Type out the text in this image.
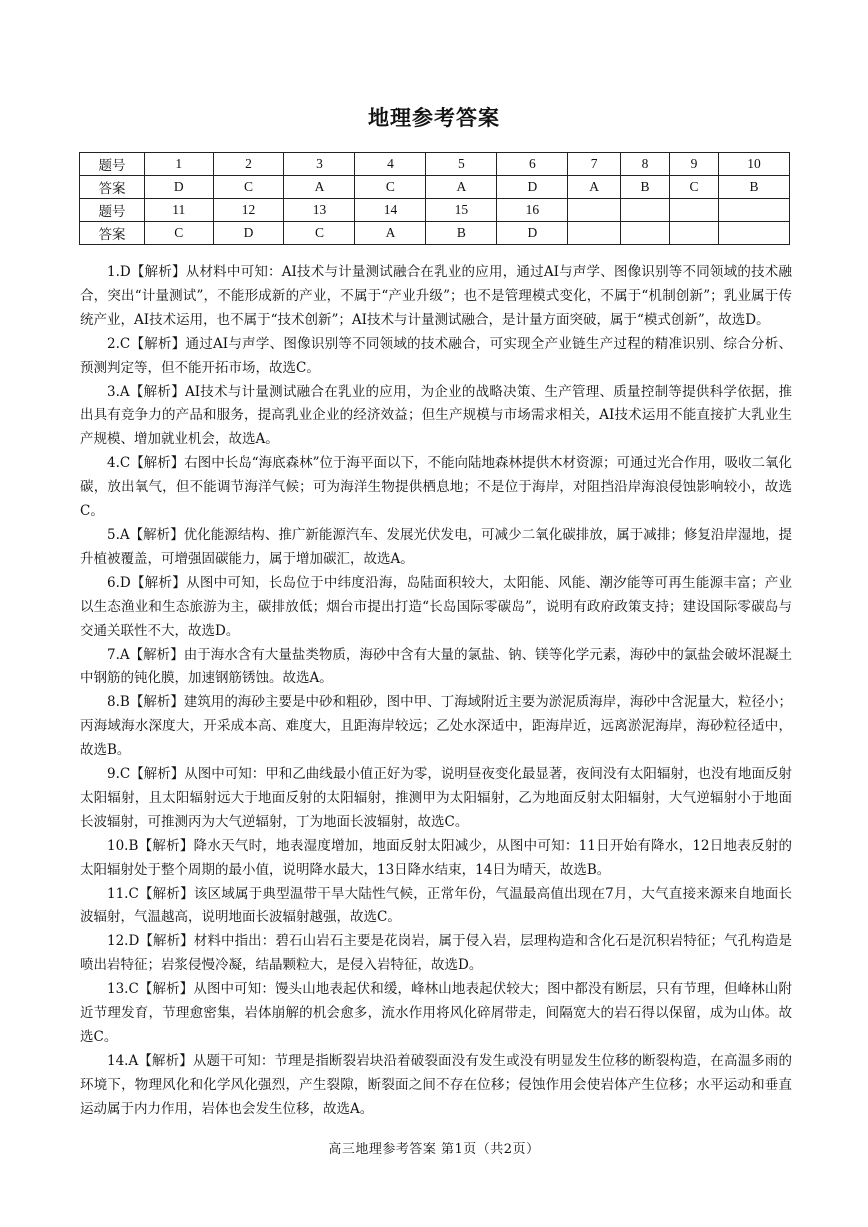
地理参考答案
题号	1	2	3	4	5	6	7	8	9	10
答案	D	C	A	C	A	D	A	B	C	B
题号	11	12	13	14	15	16				
答案	C	D	C	A	B	D				

1.D【解析】从材料中可知：AI技术与计量测试融合在乳业的应用，通过AI与声学、图像识别等不同领域的技术融合，突出“计量测试”，不能形成新的产业，不属于“产业升级”；也不是管理模式变化，不属于“机制创新”；乳业属于传统产业，AI技术运用，也不属于“技术创新”；AI技术与计量测试融合，是计量方面突破，属于“模式创新”，故选D。

2.C【解析】通过AI与声学、图像识别等不同领域的技术融合，可实现全产业链生产过程的精准识别、综合分析、预测判定等，但不能开拓市场，故选C。

3.A【解析】AI技术与计量测试融合在乳业的应用，为企业的战略决策、生产管理、质量控制等提供科学依据，推出具有竞争力的产品和服务，提高乳业企业的经济效益；但生产规模与市场需求相关，AI技术运用不能直接扩大乳业生产规模、增加就业机会，故选A。

4.C【解析】右图中长岛“海底森林”位于海平面以下，不能向陆地森林提供木材资源；可通过光合作用，吸收二氧化碳，放出氧气，但不能调节海洋气候；可为海洋生物提供栖息地；不是位于海岸，对阻挡沿岸海浪侵蚀影响较小，故选C。

5.A【解析】优化能源结构、推广新能源汽车、发展光伏发电，可减少二氧化碳排放，属于减排；修复沿岸湿地，提升植被覆盖，可增强固碳能力，属于增加碳汇，故选A。

6.D【解析】从图中可知，长岛位于中纬度沿海，岛陆面积较大，太阳能、风能、潮汐能等可再生能源丰富；产业以生态渔业和生态旅游为主，碳排放低；烟台市提出打造“长岛国际零碳岛”，说明有政府政策支持；建设国际零碳岛与交通关联性不大，故选D。

7.A【解析】由于海水含有大量盐类物质，海砂中含有大量的氯盐、钠、镁等化学元素，海砂中的氯盐会破坏混凝土中钢筋的钝化膜，加速钢筋锈蚀。故选A。

8.B【解析】建筑用的海砂主要是中砂和粗砂，图中甲、丁海域附近主要为淤泥质海岸，海砂中含泥量大，粒径小；丙海域海水深度大，开采成本高、难度大，且距海岸较远；乙处水深适中，距海岸近，远离淤泥海岸，海砂粒径适中，故选B。

9.C【解析】从图中可知：甲和乙曲线最小值正好为零，说明昼夜变化最显著，夜间没有太阳辐射，也没有地面反射太阳辐射，且太阳辐射远大于地面反射的太阳辐射，推测甲为太阳辐射，乙为地面反射太阳辐射，大气逆辐射小于地面长波辐射，可推测丙为大气逆辐射，丁为地面长波辐射，故选C。

10.B【解析】降水天气时，地表湿度增加，地面反射太阳减少，从图中可知：11日开始有降水，12日地表反射的太阳辐射处于整个周期的最小值，说明降水最大，13日降水结束，14日为晴天，故选B。

11.C【解析】该区域属于典型温带干旱大陆性气候，正常年份，气温最高值出现在7月，大气直接来源来自地面长波辐射，气温越高，说明地面长波辐射越强，故选C。

12.D【解析】材料中指出：碧石山岩石主要是花岗岩，属于侵入岩，层理构造和含化石是沉积岩特征；气孔构造是喷出岩特征；岩浆侵慢冷凝，结晶颗粒大，是侵入岩特征，故选D。

13.C【解析】从图中可知：馒头山地表起伏和缓，峰林山地表起伏较大；图中都没有断层，只有节理，但峰林山附近节理发育，节理愈密集，岩体崩解的机会愈多，流水作用将风化碎屑带走，间隔宽大的岩石得以保留，成为山体。故选C。

14.A【解析】从题干可知：节理是指断裂岩块沿着破裂面没有发生或没有明显发生位移的断裂构造，在高温多雨的环境下，物理风化和化学风化强烈，产生裂隙，断裂面之间不存在位移；侵蚀作用会使岩体产生位移；水平运动和垂直运动属于内力作用，岩体也会发生位移，故选A。

高三地理参考答案 第1页（共2页）
